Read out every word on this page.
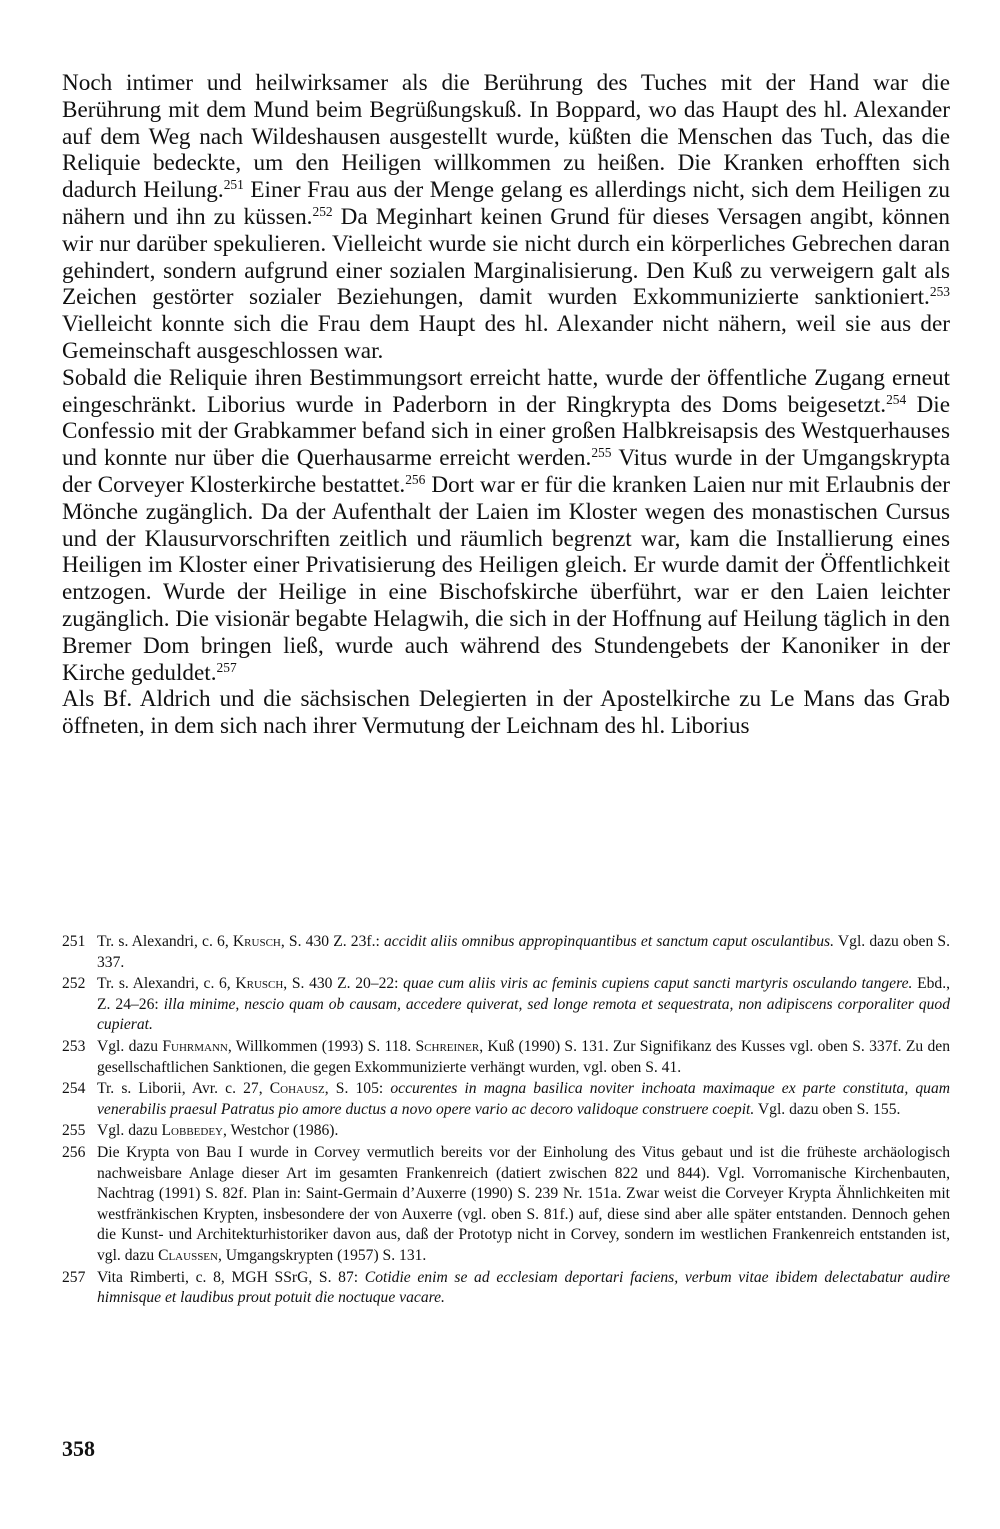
Noch intimer und heilwirksamer als die Berührung des Tuches mit der Hand war die Berührung mit dem Mund beim Begrüßungskuß. In Boppard, wo das Haupt des hl. Alexander auf dem Weg nach Wildeshausen ausgestellt wurde, küßten die Menschen das Tuch, das die Reliquie bedeckte, um den Heiligen willkommen zu heißen. Die Kranken erhofften sich dadurch Heilung.$^{251}$ Einer Frau aus der Menge gelang es allerdings nicht, sich dem Heiligen zu nähern und ihn zu küssen.$^{252}$ Da Meginhart keinen Grund für dieses Versagen angibt, können wir nur darüber spekulieren. Vielleicht wurde sie nicht durch ein körperliches Gebrechen daran gehindert, sondern aufgrund einer sozialen Marginalisierung. Den Kuß zu verweigern galt als Zeichen gestörter sozialer Beziehungen, damit wurden Exkommunizierte sanktioniert.$^{253}$ Vielleicht konnte sich die Frau dem Haupt des hl. Alexander nicht nähern, weil sie aus der Gemeinschaft ausgeschlossen war.

Sobald die Reliquie ihren Bestimmungsort erreicht hatte, wurde der öffentliche Zugang erneut eingeschränkt. Liborius wurde in Paderborn in der Ringkrypta des Doms beigesetzt.$^{254}$ Die Confessio mit der Grabkammer befand sich in einer großen Halbkreisapsis des Westquerhauses und konnte nur über die Querhausarme erreicht werden.$^{255}$ Vitus wurde in der Umgangskrypta der Corveyer Klosterkirche bestattet.$^{256}$ Dort war er für die kranken Laien nur mit Erlaubnis der Mönche zugänglich. Da der Aufenthalt der Laien im Kloster wegen des monastischen Cursus und der Klausurvorschriften zeitlich und räumlich begrenzt war, kam die Installierung eines Heiligen im Kloster einer Privatisierung des Heiligen gleich. Er wurde damit der Öffentlichkeit entzogen. Wurde der Heilige in eine Bischofskirche überführt, war er den Laien leichter zugänglich. Die visionär begabte Helagwih, die sich in der Hoffnung auf Heilung täglich in den Bremer Dom bringen ließ, wurde auch während des Stundengebets der Kanoniker in der Kirche geduldet.$^{257}$

Als Bf. Aldrich und die sächsischen Delegierten in der Apostelkirche zu Le Mans das Grab öffneten, in dem sich nach ihrer Vermutung der Leichnam des hl. Liborius

251 Tr. s. Alexandri, c. 6, Krusch, S. 430 Z. 23f.: accidit aliis omnibus appropinquantibus et sanctum caput osculantibus. Vgl. dazu oben S. 337.
252 Tr. s. Alexandri, c. 6, Krusch, S. 430 Z. 20–22: quae cum aliis viris ac feminis cupiens caput sancti martyris osculando tangere. Ebd., Z. 24–26: illa minime, nescio quam ob causam, accedere quiverat, sed longe remota et sequestrata, non adipiscens corporaliter quod cupierat.
253 Vgl. dazu Fuhrmann, Willkommen (1993) S. 118. Schreiner, Kuß (1990) S. 131. Zur Signifikanz des Kusses vgl. oben S. 337f. Zu den gesellschaftlichen Sanktionen, die gegen Exkommunizierte verhängt wurden, vgl. oben S. 41.
254 Tr. s. Liborii, Avr. c. 27, Cohausz, S. 105: occurentes in magna basilica noviter inchoata maximaque ex parte constituta, quam venerabilis praesul Patratus pio amore ductus a novo opere vario ac decoro validoque construere coepit. Vgl. dazu oben S. 155.
255 Vgl. dazu Lobbedey, Westchor (1986).
256 Die Krypta von Bau I wurde in Corvey vermutlich bereits vor der Einholung des Vitus gebaut und ist die früheste archäologisch nachweisbare Anlage dieser Art im gesamten Frankenreich (datiert zwischen 822 und 844). Vgl. Vorromanische Kirchenbauten, Nachtrag (1991) S. 82f. Plan in: Saint-Germain d’Auxerre (1990) S. 239 Nr. 151a. Zwar weist die Corveyer Krypta Ähnlichkeiten mit westfränkischen Krypten, insbesondere der von Auxerre (vgl. oben S. 81f.) auf, diese sind aber alle später entstanden. Dennoch gehen die Kunst- und Architekturhistoriker davon aus, daß der Prototyp nicht in Corvey, sondern im westlichen Frankenreich entstanden ist, vgl. dazu Claussen, Umgangskrypten (1957) S. 131.
257 Vita Rimberti, c. 8, MGH SSrG, S. 87: Cotidie enim se ad ecclesiam deportari faciens, verbum vitae ibidem delectabatur audire himnisque et laudibus prout potuit die noctuque vacare.
358
